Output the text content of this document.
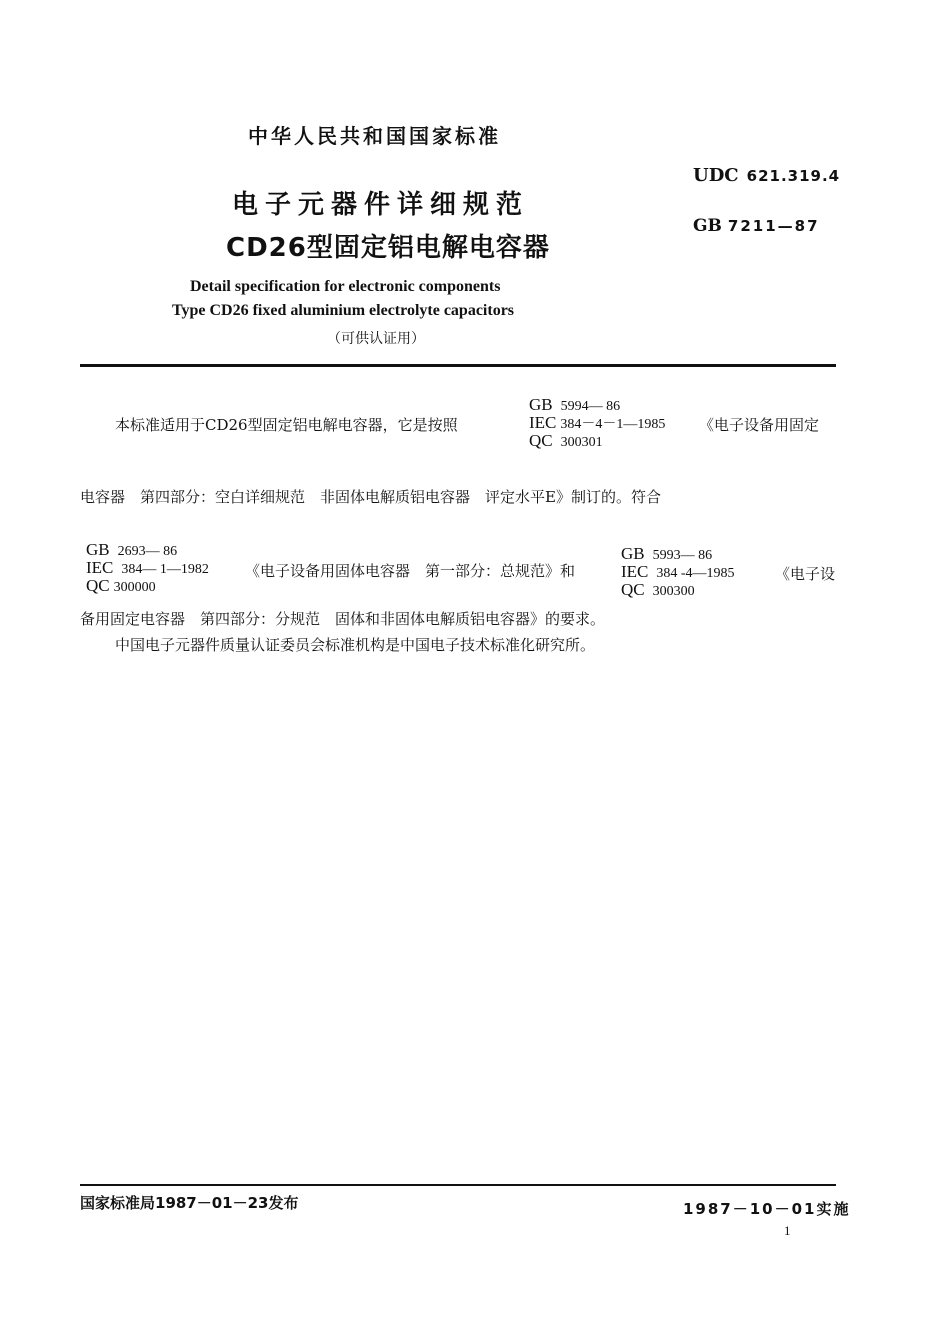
中华人民共和国国家标准
UDC 621.319.4
GB 7211—87
电子元器件详细规范
CD26型固定铝电解电容器
Detail specification for electronic components
Type CD26 fixed aluminium electrolyte capacitors
（可供认证用）
本标准适用于CD26型固定铝电解电容器，它是按照
GB 5994— 86
IEC 384－4－1—1985
QC 300301
《电子设备用固定
电容器　第四部分：空白详细规范　非固体电解质铝电容器　评定水平E》制订的。符合
GB 2693— 86
IEC 384— 1—1982
QC 300000
《电子设备用固体电容器　第一部分：总规范》和
GB 5993— 86
IEC 384 -4—1985
QC 300300
《电子设
备用固定电容器　第四部分：分规范　固体和非固体电解质铝电容器》的要求。
中国电子元器件质量认证委员会标准机构是中国电子技术标准化研究所。
国家标准局1987－01－23发布	1987－10－01实施
1
